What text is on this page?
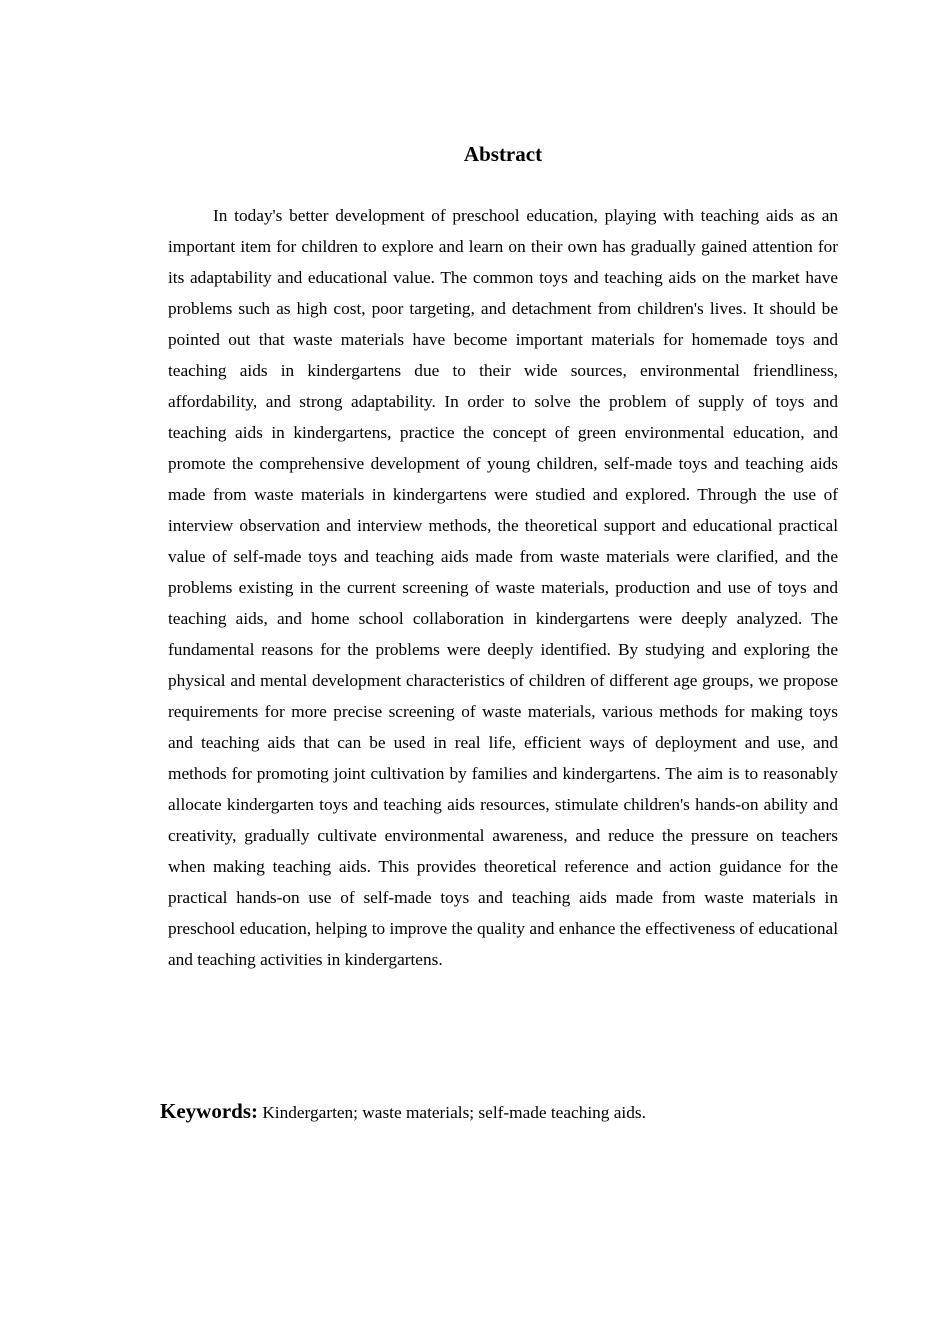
Abstract

In today's better development of preschool education, playing with teaching aids as an important item for children to explore and learn on their own has gradually gained attention for its adaptability and educational value. The common toys and teaching aids on the market have problems such as high cost, poor targeting, and detachment from children's lives. It should be pointed out that waste materials have become important materials for homemade toys and teaching aids in kindergartens due to their wide sources, environmental friendliness, affordability, and strong adaptability. In order to solve the problem of supply of toys and teaching aids in kindergartens, practice the concept of green environmental education, and promote the comprehensive development of young children, self-made toys and teaching aids made from waste materials in kindergartens were studied and explored. Through the use of interview observation and interview methods, the theoretical support and educational practical value of self-made toys and teaching aids made from waste materials were clarified, and the problems existing in the current screening of waste materials, production and use of toys and teaching aids, and home school collaboration in kindergartens were deeply analyzed. The fundamental reasons for the problems were deeply identified. By studying and exploring the physical and mental development characteristics of children of different age groups, we propose requirements for more precise screening of waste materials, various methods for making toys and teaching aids that can be used in real life, efficient ways of deployment and use, and methods for promoting joint cultivation by families and kindergartens. The aim is to reasonably allocate kindergarten toys and teaching aids resources, stimulate children's hands-on ability and creativity, gradually cultivate environmental awareness, and reduce the pressure on teachers when making teaching aids. This provides theoretical reference and action guidance for the practical hands-on use of self-made toys and teaching aids made from waste materials in preschool education, helping to improve the quality and enhance the effectiveness of educational and teaching activities in kindergartens.

Keywords: Kindergarten; waste materials; self-made teaching aids.
